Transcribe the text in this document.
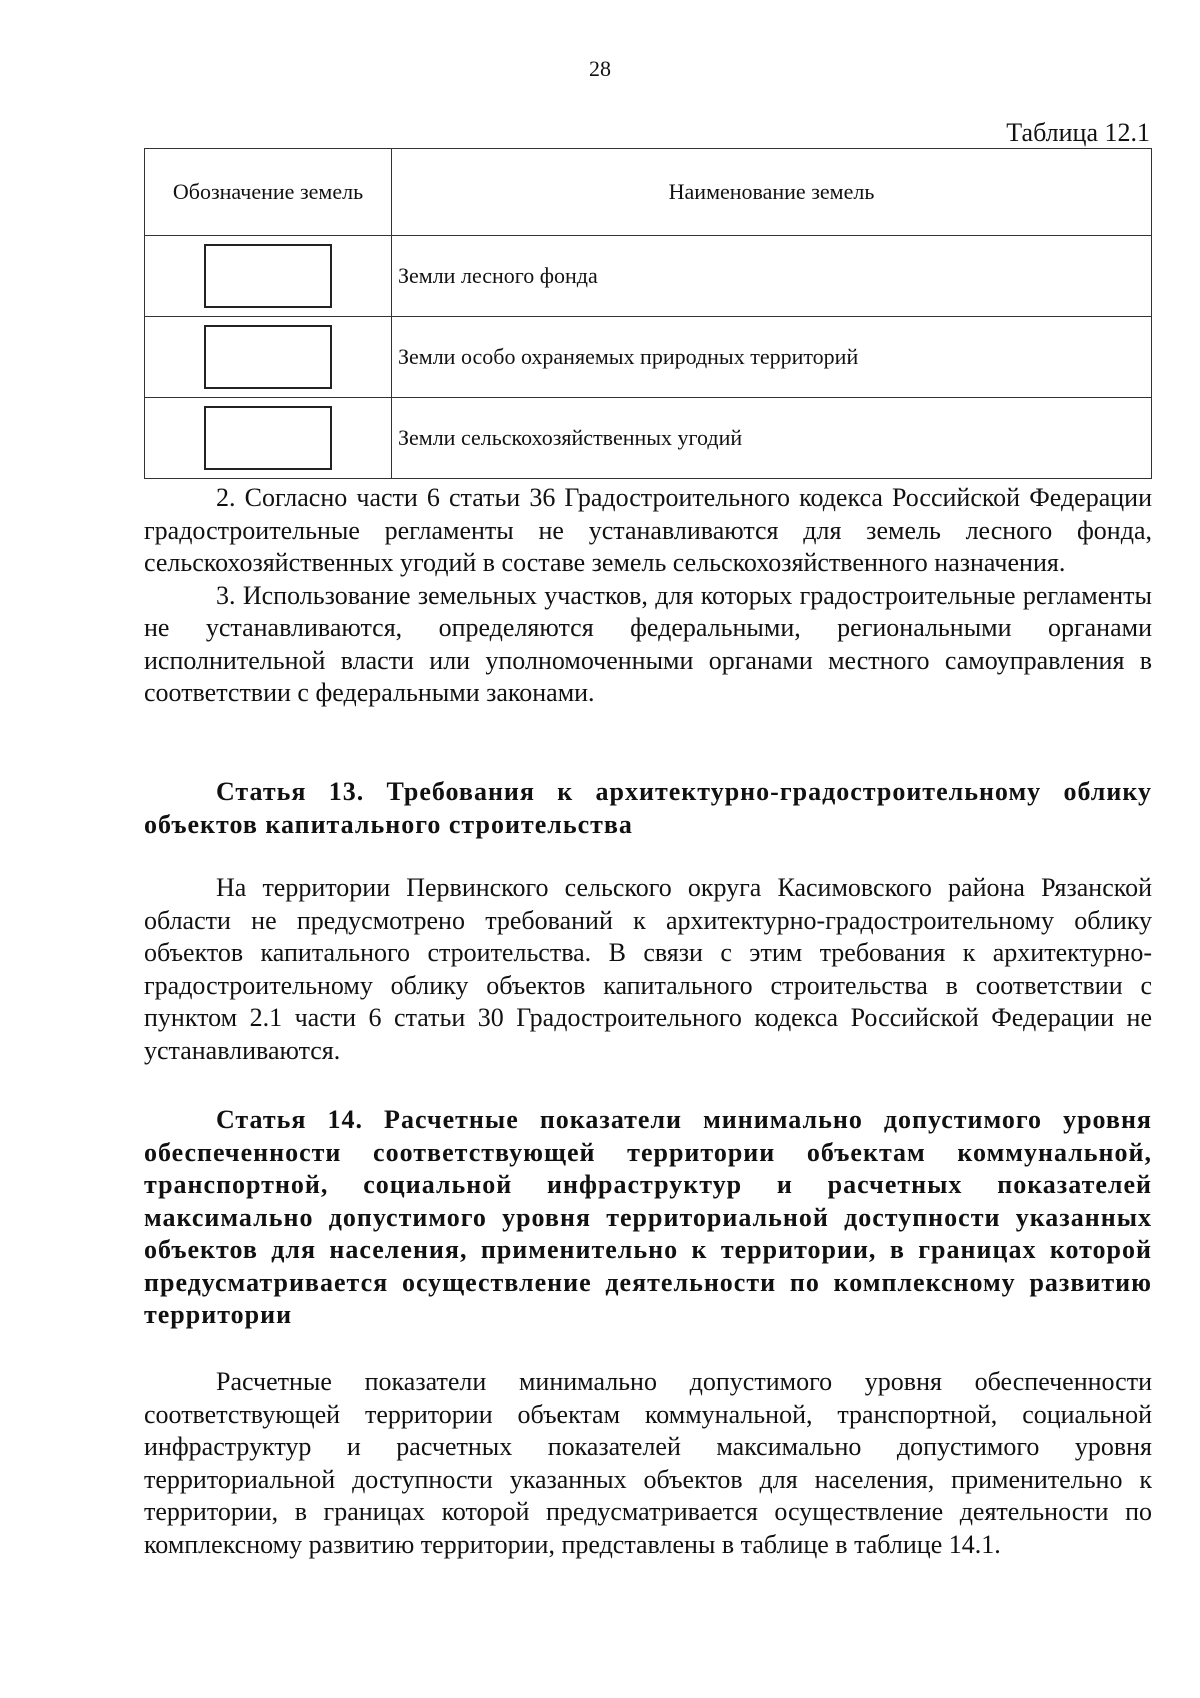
28
Таблица 12.1
Обозначение земель	Наименование земель
	Земли лесного фонда
	Земли особо охраняемых природных территорий
	Земли сельскохозяйственных угодий

2. Согласно части 6 статьи 36 Градостроительного кодекса Российской Федерации градостроительные регламенты не устанавливаются для земель лесного фонда, сельскохозяйственных угодий в составе земель сельскохозяйственного назначения.

3. Использование земельных участков, для которых градостроительные регламенты не устанавливаются, определяются федеральными, региональными органами исполнительной власти или уполномоченными органами местного самоуправления в соответствии с федеральными законами.

Статья 13. Требования к архитектурно-градостроительному облику объектов капитального строительства

На территории Первинского сельского округа Касимовского района Рязанской области не предусмотрено требований к архитектурно-градостроительному облику объектов капитального строительства. В связи с этим требования к архитектурно-градостроительному облику объектов капитального строительства в соответствии с пунктом 2.1 части 6 статьи 30 Градостроительного кодекса Российской Федерации не устанавливаются.

Статья 14. Расчетные показатели минимально допустимого уровня обеспеченности соответствующей территории объектам коммунальной, транспортной, социальной инфраструктур и расчетных показателей максимально допустимого уровня территориальной доступности указанных объектов для населения, применительно к территории, в границах которой предусматривается осуществление деятельности по комплексному развитию территории

Расчетные показатели минимально допустимого уровня обеспеченности соответствующей территории объектам коммунальной, транспортной, социальной инфраструктур и расчетных показателей максимально допустимого уровня территориальной доступности указанных объектов для населения, применительно к территории, в границах которой предусматривается осуществление деятельности по комплексному развитию территории, представлены в таблице в таблице 14.1.
